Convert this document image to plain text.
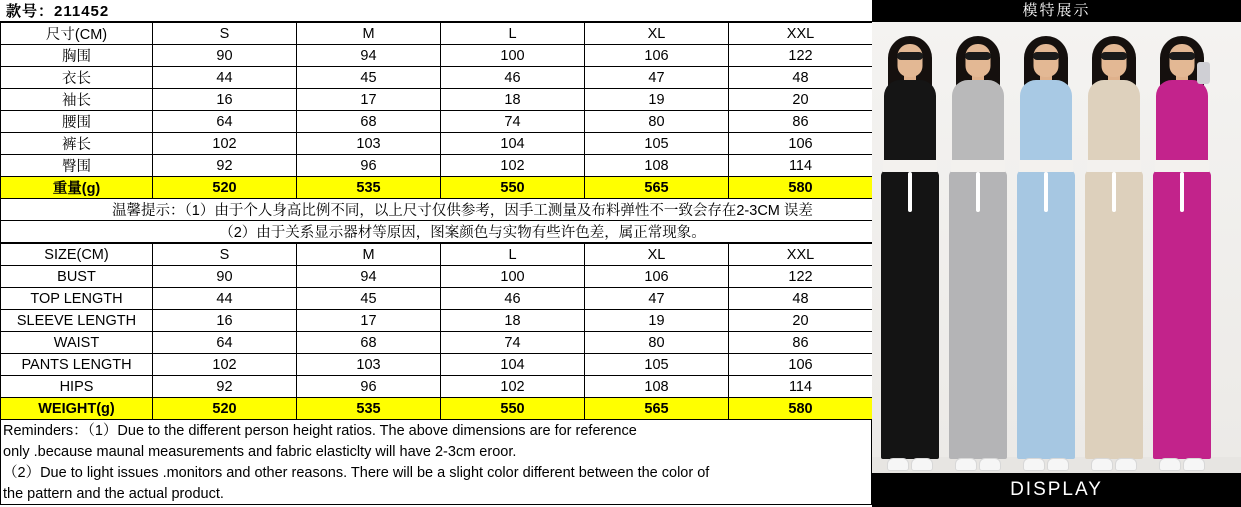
款号：211452
尺寸(CM)	S	M	L	XL	XXL
胸围	90	94	100	106	122
衣长	44	45	46	47	48
袖长	16	17	18	19	20
腰围	64	68	74	80	86
裤长	102	103	104	105	106
臀围	92	96	102	108	114
重量(g)	520	535	550	565	580
温馨提示：（1）由于个人身高比例不同，以上尺寸仅供参考，因手工测量及布料弹性不一致会存在2-3CM 误差					
（2）由于关系显示器材等原因，图案颜色与实物有些许色差，属正常现象。					
SIZE(CM)	S	M	L	XL	XXL
BUST	90	94	100	106	122
TOP LENGTH	44	45	46	47	48
SLEEVE LENGTH	16	17	18	19	20
WAIST	64	68	74	80	86
PANTS LENGTH	102	103	104	105	106
HIPS	92	96	102	108	114
WEIGHT(g)	520	535	550	565	580
Reminders：（1）Due to the different person height ratios. The above dimensions are for reference
only .because maunal measurements and fabric elasticlty will have 2-3cm eroor.
（2）Due to light issues .monitors and other reasons. There will be a slight color different between the color of
the pattern and the actual product.
模特展示
DISPLAY
